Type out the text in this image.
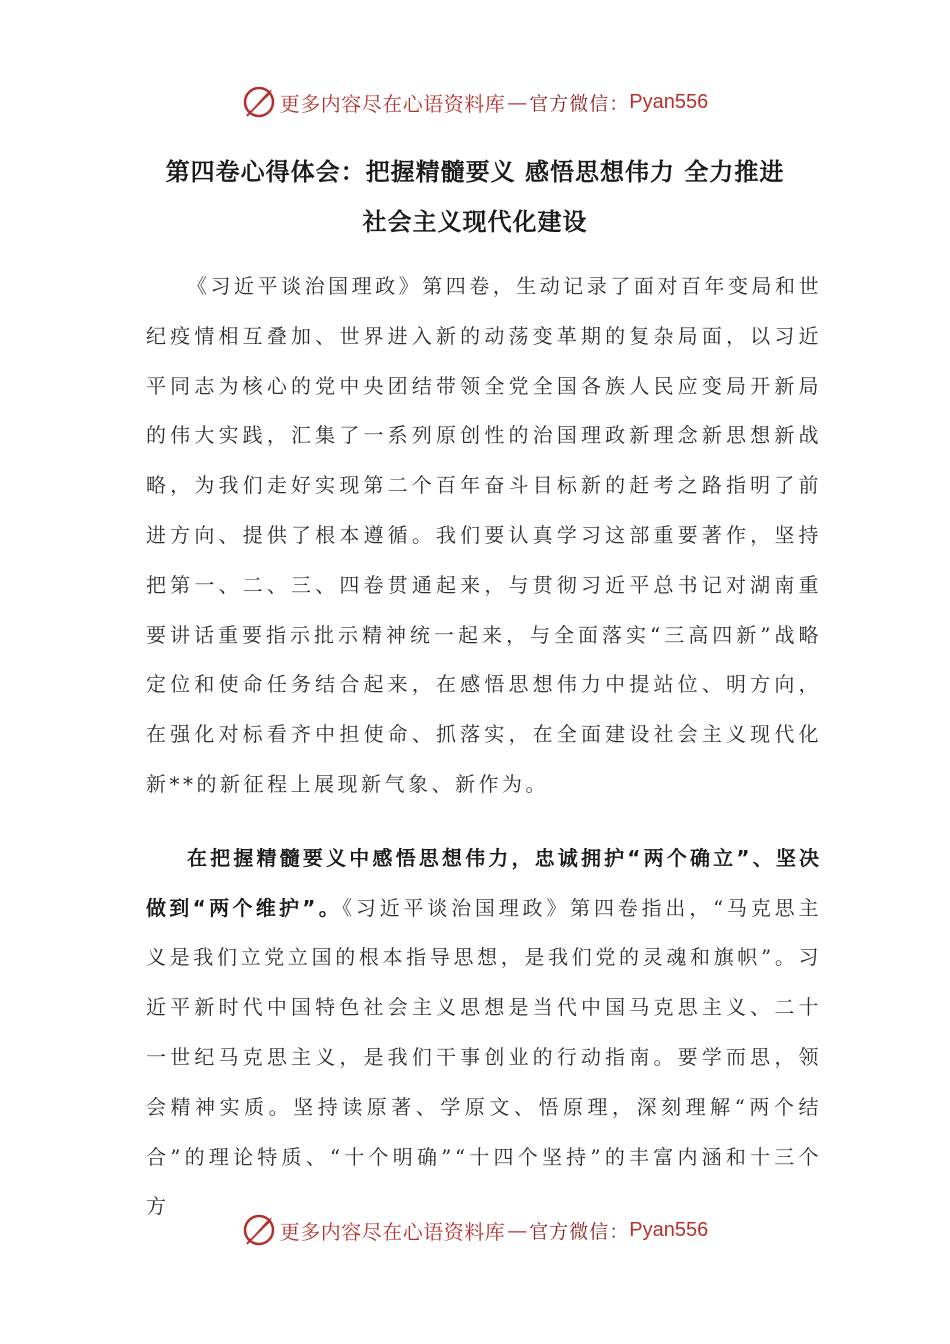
更多内容尽在心语资料库 — 官方微信： Pyan556
第四卷心得体会：把握精髓要义 感悟思想伟力 全力推进
社会主义现代化建设

《习近平谈治国理政》第四卷，生动记录了面对百年变局和世纪疫情相互叠加、世界进入新的动荡变革期的复杂局面，以习近平同志为核心的党中央团结带领全党全国各族人民应变局开新局的伟大实践，汇集了一系列原创性的治国理政新理念新思想新战略，为我们走好实现第二个百年奋斗目标新的赶考之路指明了前进方向、提供了根本遵循。我们要认真学习这部重要著作，坚持把第一、二、三、四卷贯通起来，与贯彻习近平总书记对湖南重要讲话重要指示批示精神统一起来，与全面落实“三高四新”战略定位和使命任务结合起来，在感悟思想伟力中提站位、明方向，在强化对标看齐中担使命、抓落实，在全面建设社会主义现代化新**的新征程上展现新气象、新作为。

在把握精髓要义中感悟思想伟力，忠诚拥护“两个确立”、坚决做到“两个维护”。《习近平谈治国理政》第四卷指出，“马克思主义是我们立党立国的根本指导思想，是我们党的灵魂和旗帜”。习近平新时代中国特色社会主义思想是当代中国马克思主义、二十一世纪马克思主义，是我们干事创业的行动指南。要学而思，领会精神实质。坚持读原著、学原文、悟原理，深刻理解“两个结合”的理论特质、“十个明确”“十四个坚持”的丰富内涵和十三个方

更多内容尽在心语资料库 — 官方微信： Pyan556
